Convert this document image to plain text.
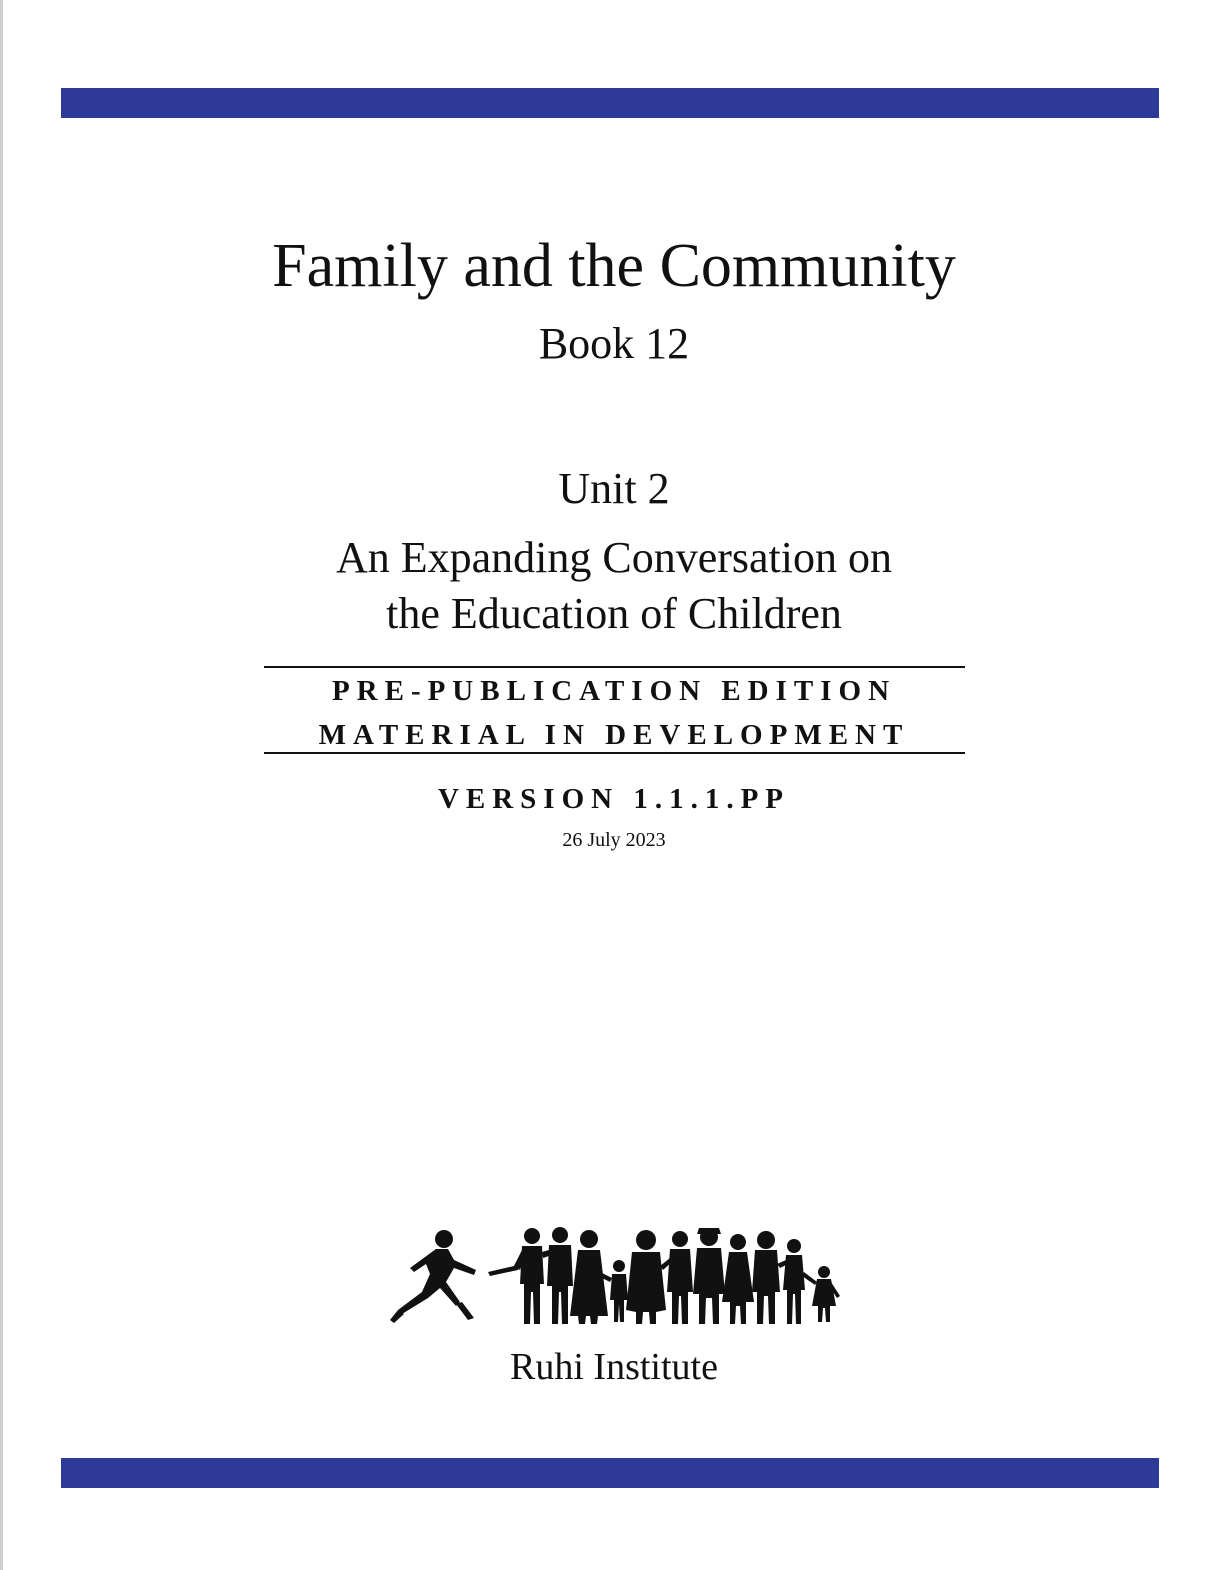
Family and the Community
Book 12
Unit 2
An Expanding Conversation on
the Education of Children
PRE-PUBLICATION EDITION
MATERIAL IN DEVELOPMENT
VERSION 1.1.1.PP
26 July 2023
Ruhi Institute
